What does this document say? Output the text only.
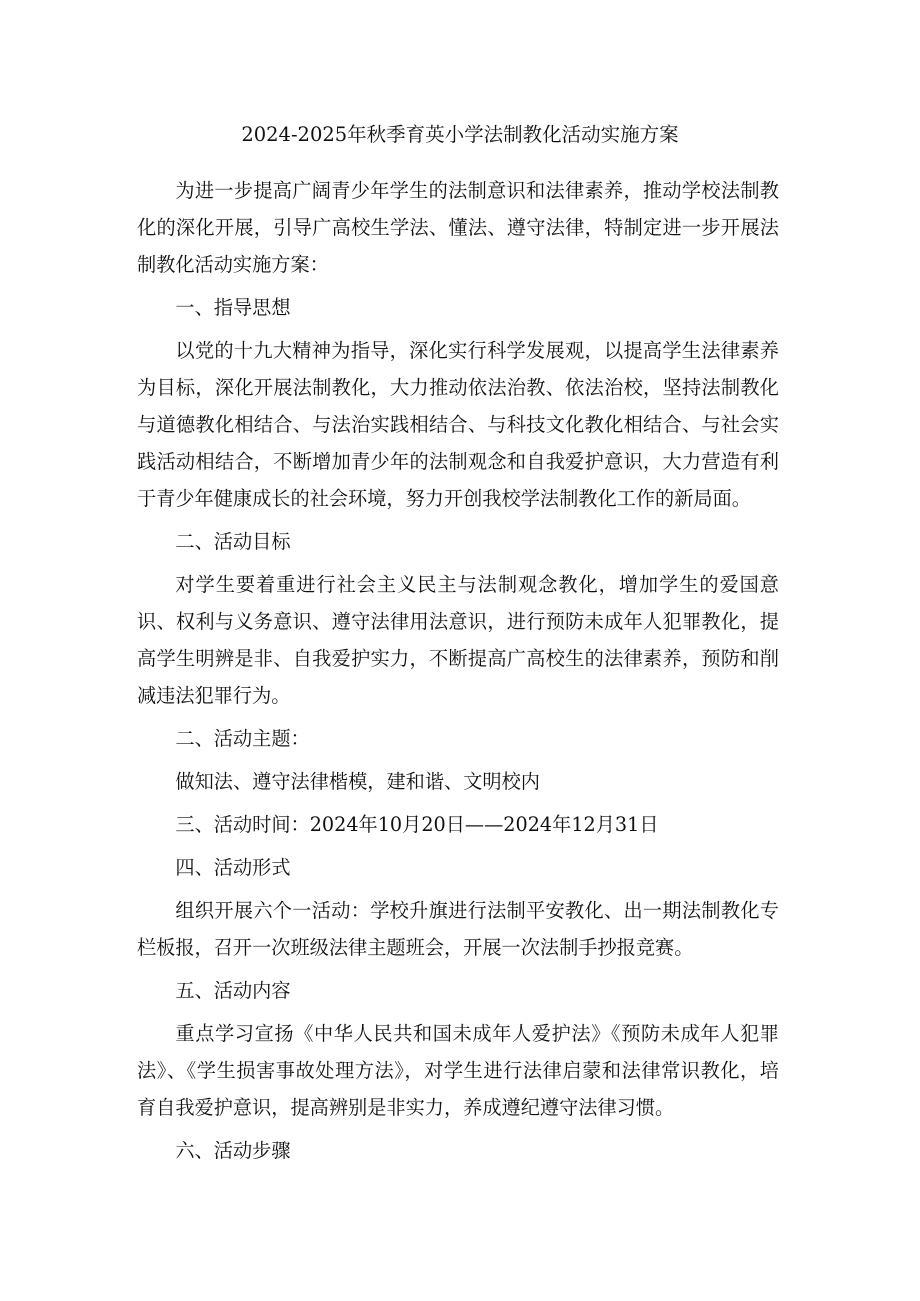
2024-2025年秋季育英小学法制教化活动实施方案

为进一步提高广阔青少年学生的法制意识和法律素养，推动学校法制教化的深化开展，引导广高校生学法、懂法、遵守法律，特制定进一步开展法制教化活动实施方案：

一、指导思想

以党的十九大精神为指导，深化实行科学发展观，以提高学生法律素养为目标，深化开展法制教化，大力推动依法治教、依法治校，坚持法制教化与道德教化相结合、与法治实践相结合、与科技文化教化相结合、与社会实践活动相结合，不断增加青少年的法制观念和自我爱护意识，大力营造有利于青少年健康成长的社会环境，努力开创我校学法制教化工作的新局面。

二、活动目标

对学生要着重进行社会主义民主与法制观念教化，增加学生的爱国意识、权利与义务意识、遵守法律用法意识，进行预防未成年人犯罪教化，提高学生明辨是非、自我爱护实力，不断提高广高校生的法律素养，预防和削减违法犯罪行为。

二、活动主题：

做知法、遵守法律楷模，建和谐、文明校内

三、活动时间：2024年10月20日——2024年12月31日

四、活动形式

组织开展六个一活动：学校升旗进行法制平安教化、出一期法制教化专栏板报，召开一次班级法律主题班会，开展一次法制手抄报竞赛。

五、活动内容

重点学习宣扬《中华人民共和国未成年人爱护法》《预防未成年人犯罪法》、《学生损害事故处理方法》，对学生进行法律启蒙和法律常识教化，培育自我爱护意识，提高辨别是非实力，养成遵纪遵守法律习惯。

六、活动步骤
